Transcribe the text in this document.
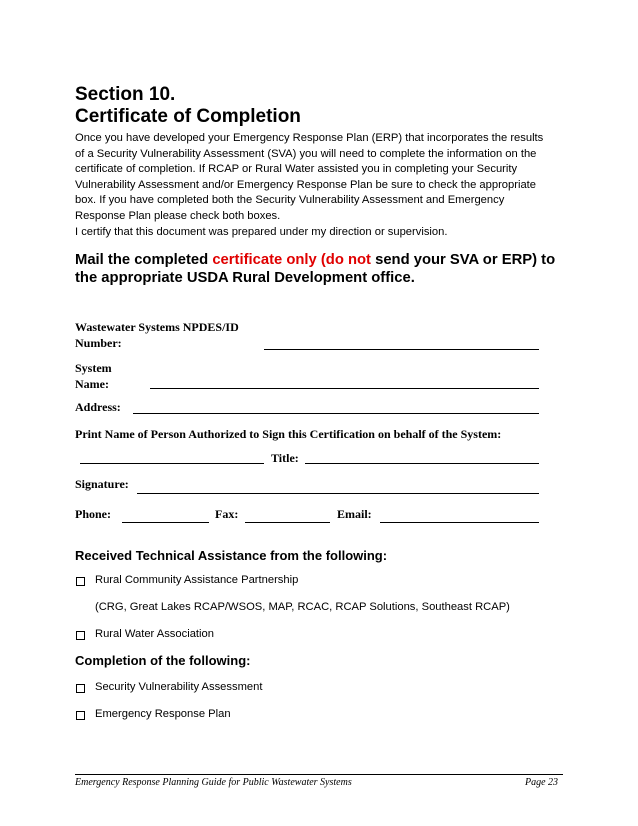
Section 10.
Certificate of Completion
Once you have developed your Emergency Response Plan (ERP) that incorporates the results
of a Security Vulnerability Assessment (SVA) you will need to complete the information on the
certificate of completion. If RCAP or Rural Water assisted you in completing your Security
Vulnerability Assessment and/or Emergency Response Plan be sure to check the appropriate
box. If you have completed both the Security Vulnerability Assessment and Emergency
Response Plan please check both boxes.
I certify that this document was prepared under my direction or supervision.
Mail the completed certificate only (do not send your SVA or ERP) to
the appropriate USDA Rural Development office.
Wastewater Systems NPDES/ID
Number:
System
Name:
Address:
Print Name of Person Authorized to Sign this Certification on behalf of the System:
Title:
Signature:
Phone:	Fax:	Email:
Received Technical Assistance from the following:
Rural Community Assistance Partnership
(CRG, Great Lakes RCAP/WSOS, MAP, RCAC, RCAP Solutions, Southeast RCAP)
Rural Water Association
Completion of the following:
Security Vulnerability Assessment
Emergency Response Plan
Emergency Response Planning Guide for Public Wastewater Systems	Page 23
